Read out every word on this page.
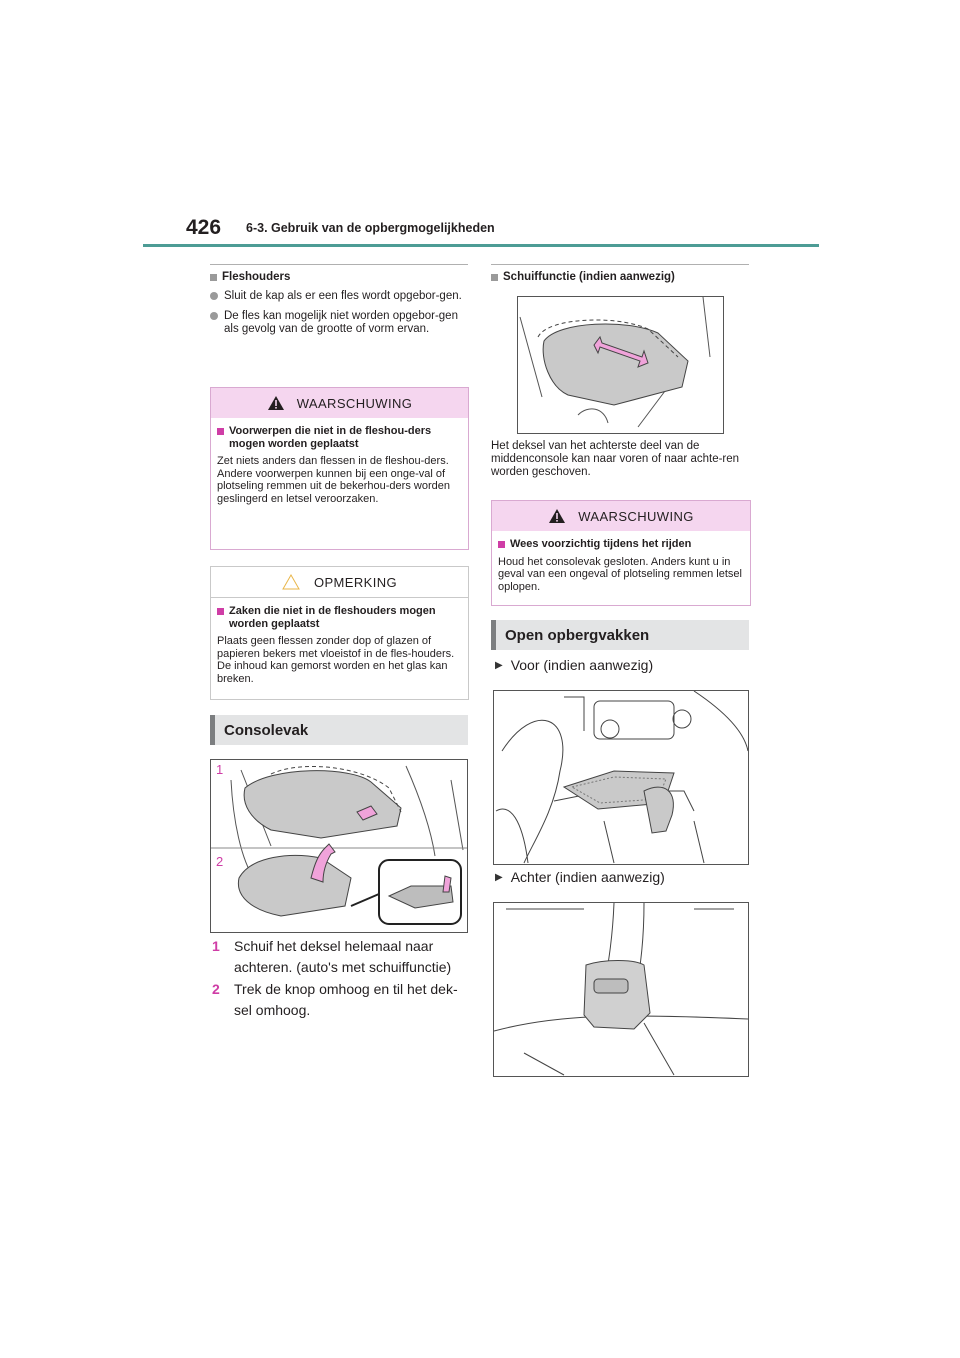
426 6-3. Gebruik van de opbergmogelijkheden
Fleshouders
Sluit de kap als er een fles wordt opgebor-gen.
De fles kan mogelijk niet worden opgebor-gen als gevolg van de grootte of vorm ervan.
WAARSCHUWING
Voorwerpen die niet in de fleshou-ders mogen worden geplaatst
Zet niets anders dan flessen in de fleshou-ders. Andere voorwerpen kunnen bij een onge-val of plotseling remmen uit de bekerhou-ders worden geslingerd en letsel veroorzaken.
OPMERKING
Zaken die niet in de fleshouders mogen worden geplaatst
Plaats geen flessen zonder dop of glazen of papieren bekers met vloeistof in de fles-houders. De inhoud kan gemorst worden en het glas kan breken.
Consolevak
1
2
1	Schuif het deksel helemaal naar achteren. (auto's met schuiffunctie)
2	Trek de knop omhoog en til het dek-sel omhoog.
Schuiffunctie (indien aanwezig)
Het deksel van het achterste deel van de middenconsole kan naar voren of naar achte-ren worden geschoven.
WAARSCHUWING
Wees voorzichtig tijdens het rijden
Houd het consolevak gesloten. Anders kunt u in geval van een ongeval of plotseling remmen letsel oplopen.
Open opbergvakken
▶ Voor (indien aanwezig)
▶ Achter (indien aanwezig)
